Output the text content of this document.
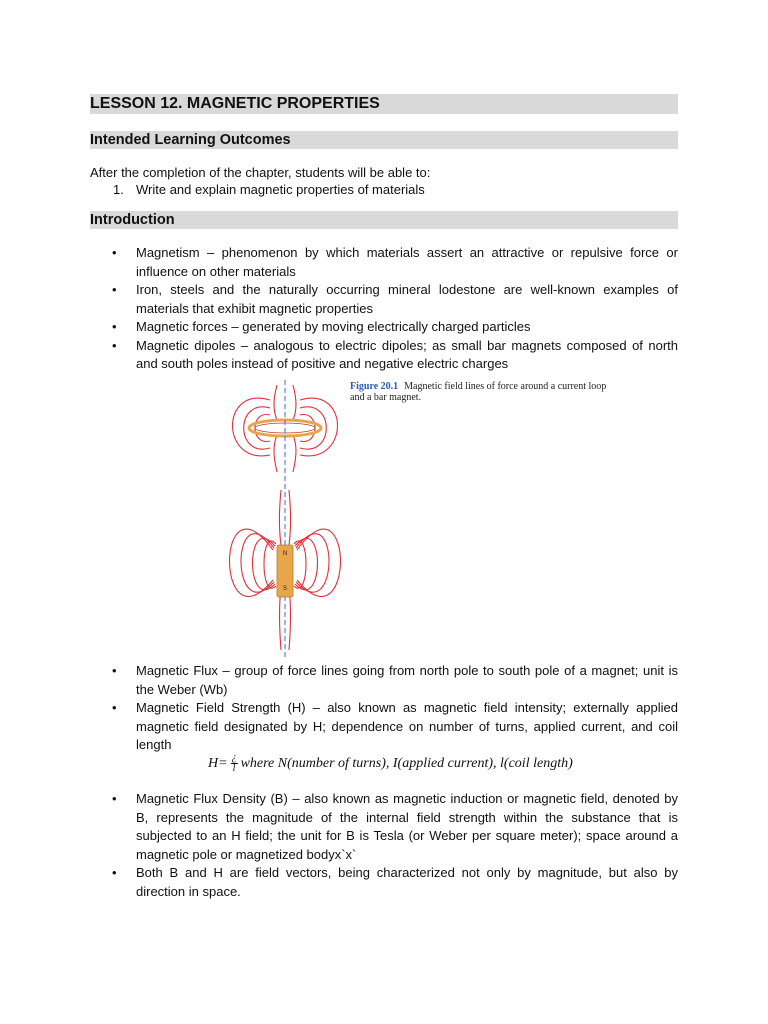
LESSON 12. MAGNETIC PROPERTIES
Intended Learning Outcomes
After the completion of the chapter, students will be able to:
1. Write and explain magnetic properties of materials
Introduction
• Magnetism – phenomenon by which materials assert an attractive or repulsive force or influence on other materials
• Iron, steels and the naturally occurring mineral lodestone are well-known examples of materials that exhibit magnetic properties
• Magnetic forces – generated by moving electrically charged particles
• Magnetic dipoles – analogous to electric dipoles; as small bar magnets composed of north and south poles instead of positive and negative electric charges
N
S
Figure 20.1 Magnetic field lines of force around a current loop and a bar magnet.
• Magnetic Flux – group of force lines going from north pole to south pole of a magnet; unit is the Weber (Wb)
• Magnetic Field Strength (H) – also known as magnetic field intensity; externally applied magnetic field designated by H; dependence on number of turns, applied current, and coil length
$H= \frac{¿}{l}$ where N(number of turns), I(applied current), l(coil length)
• Magnetic Flux Density (B) – also known as magnetic induction or magnetic field, denoted by B, represents the magnitude of the internal field strength within the substance that is subjected to an H field; the unit for B is Tesla (or Weber per square meter); space around a magnetic pole or magnetized bodyx`x`
• Both B and H are field vectors, being characterized not only by magnitude, but also by direction in space.
